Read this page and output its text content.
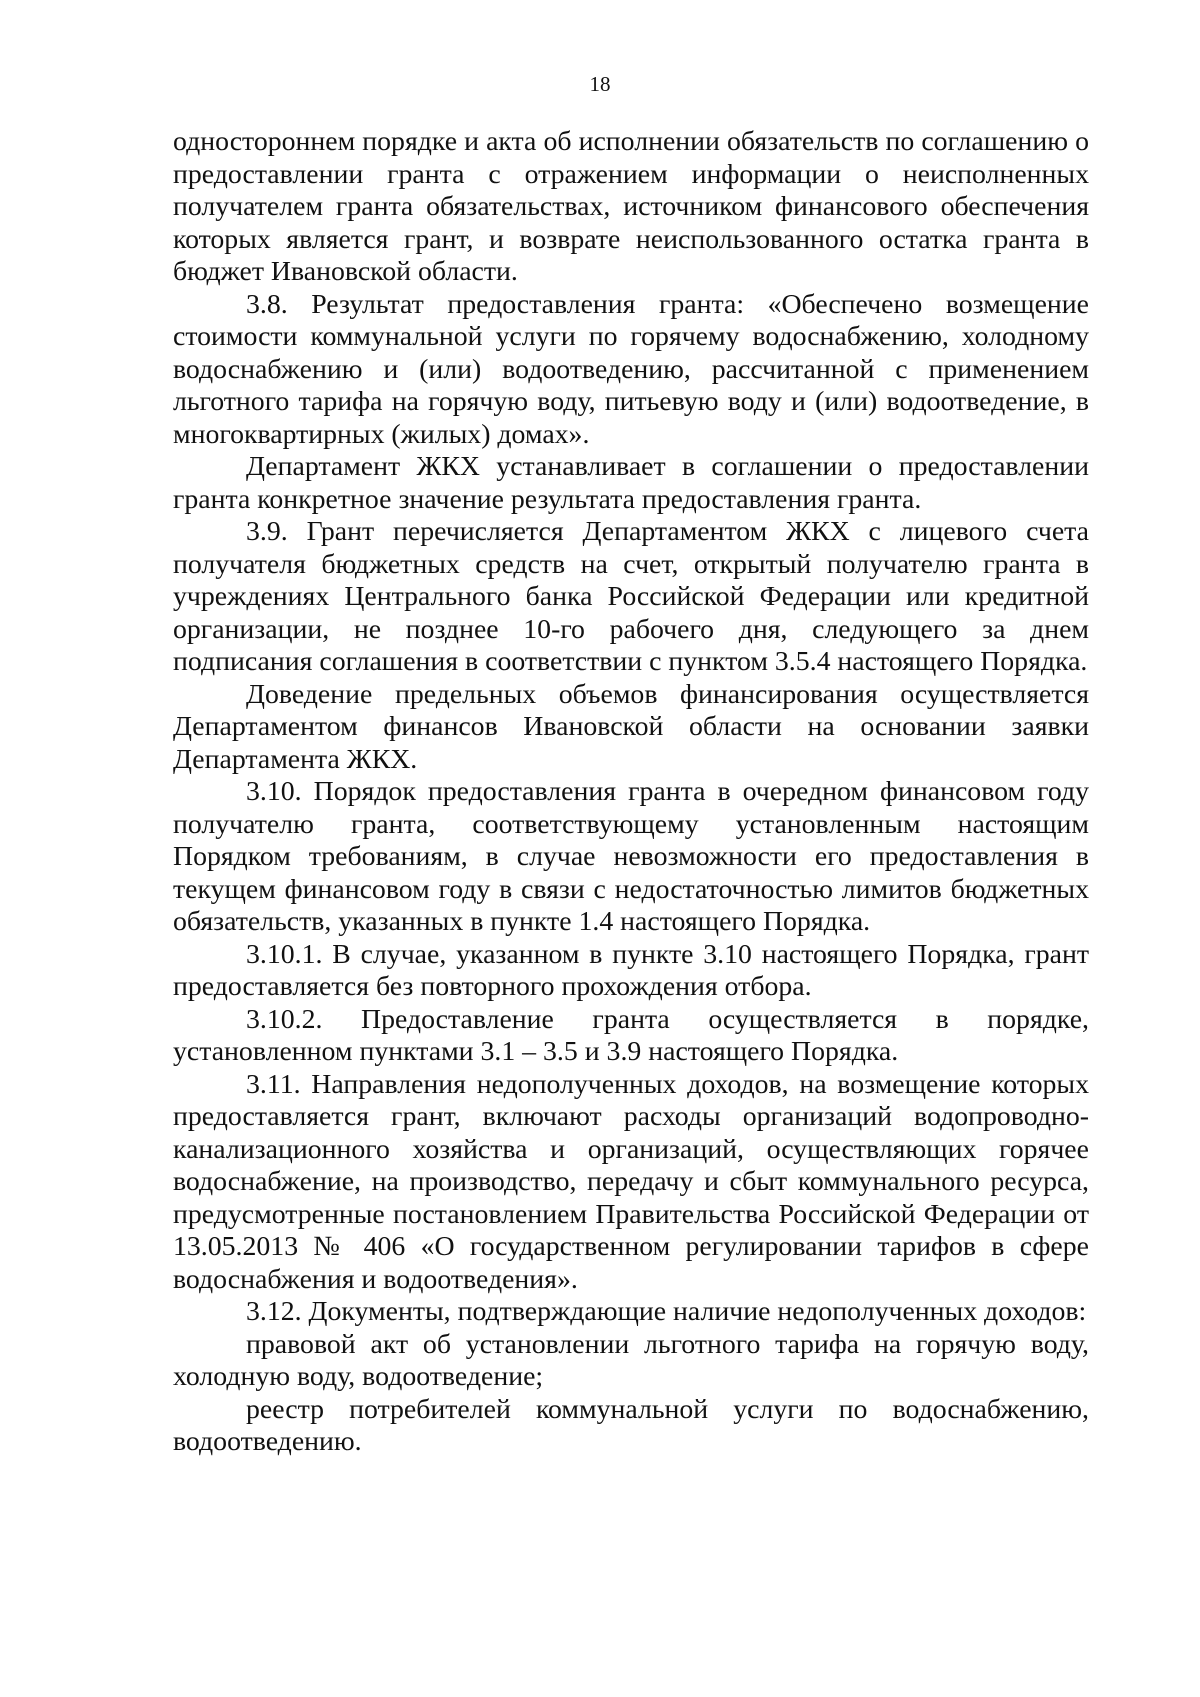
18

одностороннем порядке и акта об исполнении обязательств по соглашению о предоставлении гранта с отражением информации о неисполненных получателем гранта обязательствах, источником финансового обеспечения которых является грант, и возврате неиспользованного остатка гранта в бюджет Ивановской области.

3.8. Результат предоставления гранта: «Обеспечено возмещение стоимости коммунальной услуги по горячему водоснабжению, холодному водоснабжению и (или) водоотведению, рассчитанной с применением льготного тарифа на горячую воду, питьевую воду и (или) водоотведение, в многоквартирных (жилых) домах».

Департамент ЖКХ устанавливает в соглашении о предоставлении гранта конкретное значение результата предоставления гранта.

3.9. Грант перечисляется Департаментом ЖКХ с лицевого счета получателя бюджетных средств на счет, открытый получателю гранта в учреждениях Центрального банка Российской Федерации или кредитной организации, не позднее 10-го рабочего дня, следующего за днем подписания соглашения в соответствии с пунктом 3.5.4 настоящего Порядка.

Доведение предельных объемов финансирования осуществляется Департаментом финансов Ивановской области на основании заявки Департамента ЖКХ.

3.10. Порядок предоставления гранта в очередном финансовом году получателю гранта, соответствующему установленным настоящим Порядком требованиям, в случае невозможности его предоставления в текущем финансовом году в связи с недостаточностью лимитов бюджетных обязательств, указанных в пункте 1.4 настоящего Порядка.

3.10.1. В случае, указанном в пункте 3.10 настоящего Порядка, грант предоставляется без повторного прохождения отбора.

3.10.2. Предоставление гранта осуществляется в порядке, установленном пунктами 3.1 – 3.5 и 3.9 настоящего Порядка.

3.11. Направления недополученных доходов, на возмещение которых предоставляется грант, включают расходы организаций водопроводно-канализационного хозяйства и организаций, осуществляющих горячее водоснабжение, на производство, передачу и сбыт коммунального ресурса, предусмотренные постановлением Правительства Российской Федерации от 13.05.2013 № 406 «О государственном регулировании тарифов в сфере водоснабжения и водоотведения».

3.12. Документы, подтверждающие наличие недополученных доходов:

правовой акт об установлении льготного тарифа на горячую воду, холодную воду, водоотведение;

реестр потребителей коммунальной услуги по водоснабжению, водоотведению.
